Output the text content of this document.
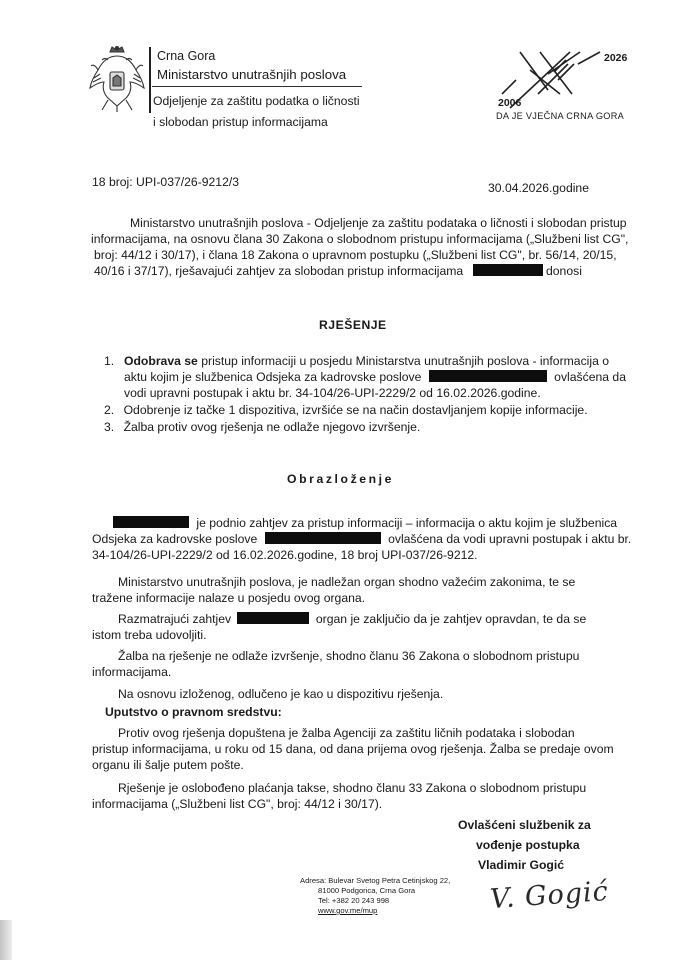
Crna Gora
Ministarstvo unutrašnjih poslova
Odjeljenje za zaštitu podatka o ličnosti
i slobodan pristup informacijama
2026
2006
DA JE VJEČNA CRNA GORA
18 broj: UPI-037/26-9212/3	30.04.2026.godine
Ministarstvo unutrašnjih poslova - Odjeljenje za zaštitu podataka o ličnosti i slobodan pristup
informacijama, na osnovu člana 30 Zakona o slobodnom pristupu informacijama („Službeni list CG",
broj: 44/12 i 30/17), i člana 18 Zakona o upravnom postupku („Službeni list CG", br. 56/14, 20/15,
40/16 i 37/17), rješavajući zahtjev za slobodan pristup informacijama	donosi
RJEŠENJE
1. Odobrava se pristup informaciji u posjedu Ministarstva unutrašnjih poslova - informacija o
aktu kojim je službenica Odsjeka za kadrovske poslove	ovlašćena da
vodi upravni postupak i aktu br. 34-104/26-UPI-2229/2 od 16.02.2026.godine.
2. Odobrenje iz tačke 1 dispozitiva, izvršiće se na način dostavljanjem kopije informacije.
3. Žalba protiv ovog rješenja ne odlaže njegovo izvršenje.
Obrazloženje
je podnio zahtjev za pristup informaciji – informacija o aktu kojim je službenica
Odsjeka za kadrovske poslove	ovlašćena da vodi upravni postupak i aktu br.
34-104/26-UPI-2229/2 od 16.02.2026.godine, 18 broj UPI-037/26-9212.
Ministarstvo unutrašnjih poslova, je nadležan organ shodno važećim zakonima, te se
tražene informacije nalaze u posjedu ovog organa.
Razmatrajući zahtjev	organ je zaključio da je zahtjev opravdan, te da se
istom treba udovoljiti.
Žalba na rješenje ne odlaže izvršenje, shodno članu 36 Zakona o slobodnom pristupu
informacijama.
Na osnovu izloženog, odlučeno je kao u dispozitivu rješenja.
Uputstvo o pravnom sredstvu:
Protiv ovog rješenja dopuštena je žalba Agenciji za zaštitu ličnih podataka i slobodan
pristup informacijama, u roku od 15 dana, od dana prijema ovog rješenja. Žalba se predaje ovom
organu ili šalje putem pošte.
Rješenje je oslobođeno plaćanja takse, shodno članu 33 Zakona o slobodnom pristupu
informacijama („Službeni list CG", broj: 44/12 i 30/17).
Ovlašćeni službenik za
vođenje postupka
Vladimir Gogić
V. Gogić
Adresa: Bulevar Svetog Petra Cetinjskog 22,
81000 Podgorica, Crna Gora
Tel: +382 20 243 998
www.gov.me/mup
